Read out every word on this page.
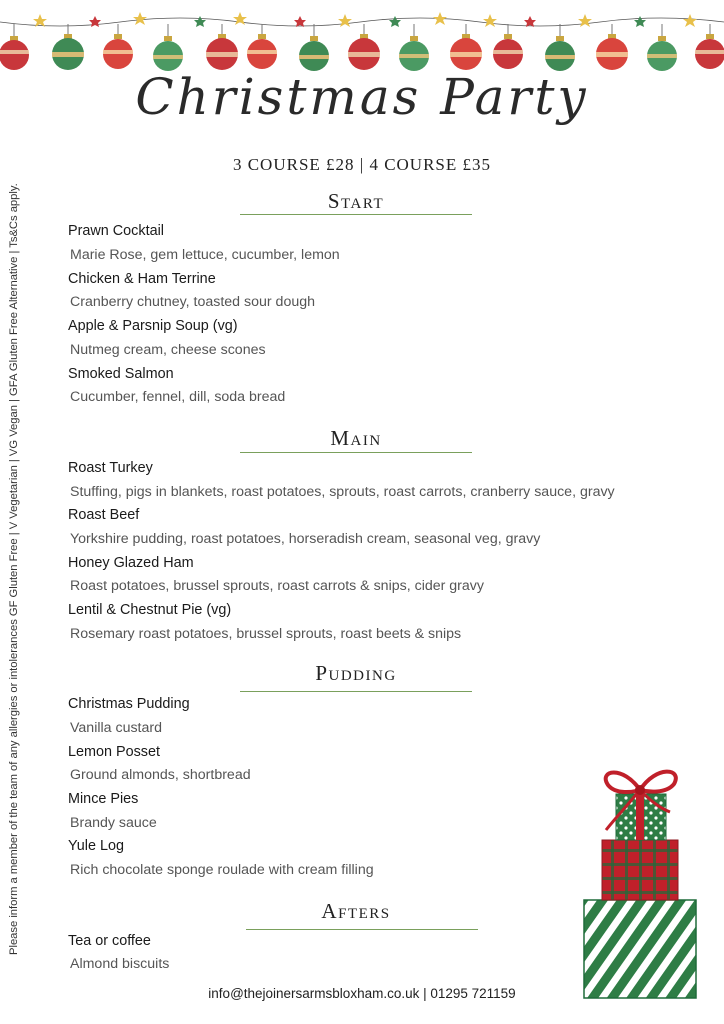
Christmas Party
3 COURSE £28 | 4 COURSE £35
Please inform a member of the team of any allergies or intolerances GF Gluten Free | V Vegetarian | VG Vegan | GFA Gluten Free Alternative | Ts&Cs apply.	Start
Prawn Cocktail
Marie Rose, gem lettuce, cucumber, lemon
Chicken & Ham Terrine
Cranberry chutney, toasted sour dough
Apple & Parsnip Soup (vg)
Nutmeg cream, cheese scones
Smoked Salmon
Cucumber, fennel, dill, soda bread
Main
Roast Turkey
Stuffing, pigs in blankets, roast potatoes, sprouts, roast carrots, cranberry sauce, gravy
Roast Beef
Yorkshire pudding, roast potatoes, horseradish cream, seasonal veg, gravy
Honey Glazed Ham
Roast potatoes, brussel sprouts, roast carrots & snips, cider gravy
Lentil & Chestnut Pie (vg)
Rosemary roast potatoes, brussel sprouts, roast beets & snips
Pudding
Christmas Pudding
Vanilla custard
Lemon Posset
Ground almonds, shortbread
Mince Pies
Brandy sauce
Yule Log
Rich chocolate sponge roulade with cream filling
Afters
Tea or coffee
Almond biscuits
info@thejoinersarmsbloxham.co.uk | 01295 721159
